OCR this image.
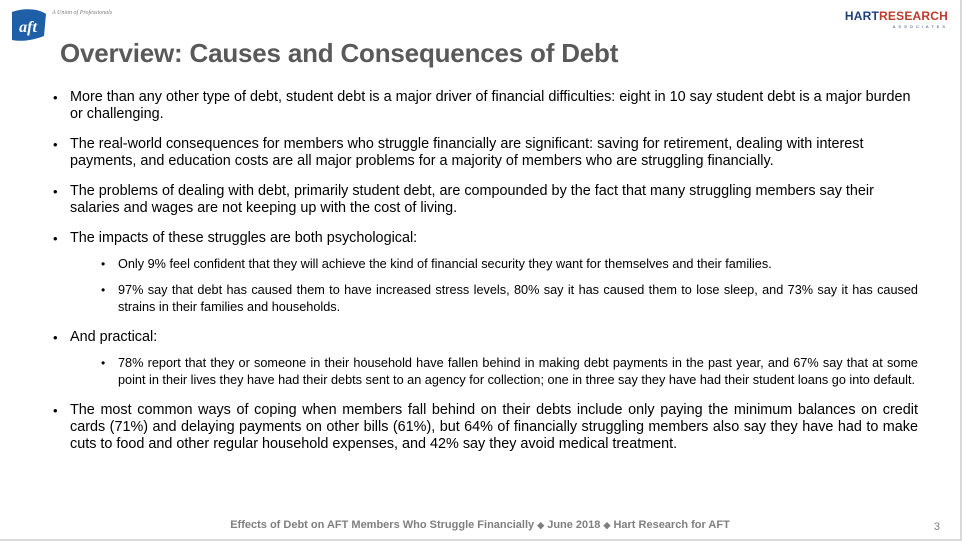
aft
A Union of Professionals	HARTRESEARCH
ASSOCIATES
Overview: Causes and Consequences of Debt
• More than any other type of debt, student debt is a major driver of financial difficulties: eight in 10 say student debt is a major burden or challenging.
• The real-world consequences for members who struggle financially are significant: saving for retirement, dealing with interest payments, and education costs are all major problems for a majority of members who are struggling financially.
• The problems of dealing with debt, primarily student debt, are compounded by the fact that many struggling members say their salaries and wages are not keeping up with the cost of living.
• The impacts of these struggles are both psychological:
• Only 9% feel confident that they will achieve the kind of financial security they want for themselves and their families.
• 97% say that debt has caused them to have increased stress levels, 80% say it has caused them to lose sleep, and 73% say it has caused strains in their families and households.
• And practical:
• 78% report that they or someone in their household have fallen behind in making debt payments in the past year, and 67% say that at some point in their lives they have had their debts sent to an agency for collection; one in three say they have had their student loans go into default.
• The most common ways of coping when members fall behind on their debts include only paying the minimum balances on credit cards (71%) and delaying payments on other bills (61%), but 64% of financially struggling members also say they have had to make cuts to food and other regular household expenses, and 42% say they avoid medical treatment.
Effects of Debt on AFT Members Who Struggle Financially ◆ June 2018 ◆ Hart Research for AFT	3
